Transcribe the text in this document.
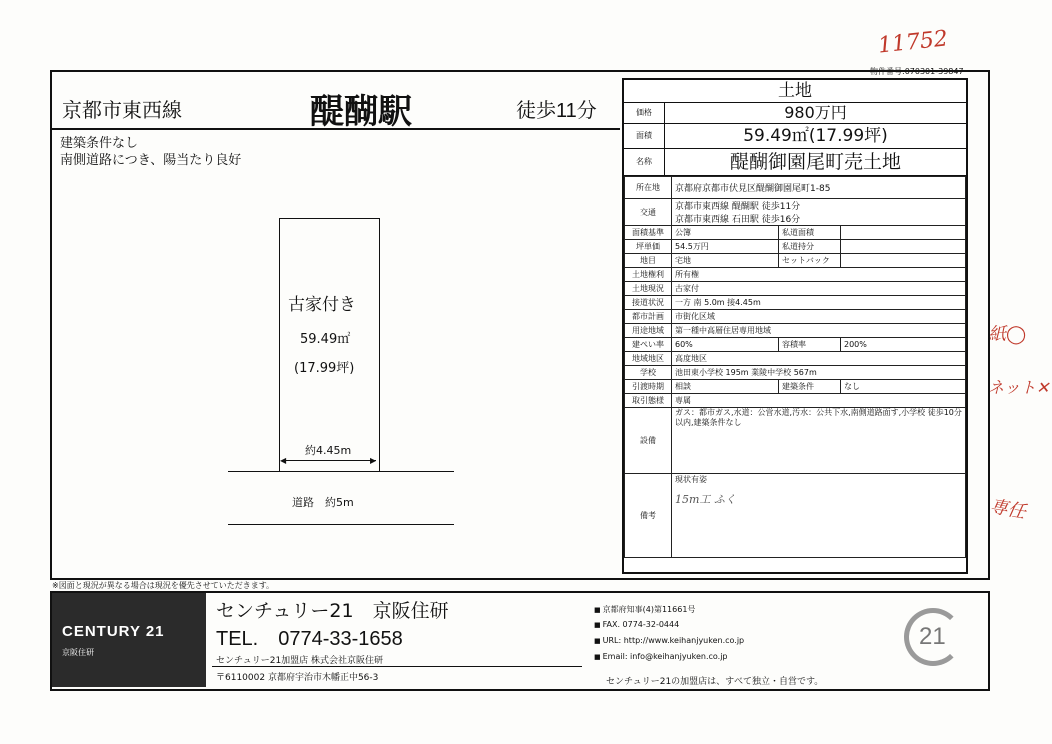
11752
紙◯
ネット✕
専任
物件番号:070301-39847
京都市東西線	醍醐駅	徒歩11分
建築条件なし
南側道路につき、陽当たり良好
古家付き
59.49㎡
(17.99坪)
◀	▶
約4.45m
道路　約5m
土地
価格	980万円
面積	59.49㎡(17.99坪)
名称	醍醐御園尾町売土地
所在地	京都府京都市伏見区醍醐御園尾町1-85		
交通	京都市東西線 醍醐駅 徒歩11分		
	京都市東西線 石田駅 徒歩16分		
面積基準	公簿	私道面積	
坪単価	54.5万円	私道持分	
地目	宅地	セットバック	
土地権利	所有権		
土地現況	古家付		
接道状況	一方 南 5.0m 接4.45m		
都市計画	市街化区域		
用途地域	第一種中高層住居専用地域		
建ぺい率	60%	容積率	200%
地域地区	高度地区		
学校	池田東小学校 195m 業陵中学校 567m		
引渡時期	相談	建築条件	なし
取引態様	専属		
設備	ガス：都市ガス,水道：公営水道,汚水：公共下水,南側道路面す,小学校 徒歩10分以内,建築条件なし		
備考	現状有姿
15m工 ふく		
※図面と現況が異なる場合は現況を優先させていただきます。
CENTURY 21
京阪住研
センチュリー21　京阪住研
TEL.　0774-33-1658
センチュリー21加盟店 株式会社京阪住研
〒6110002 京都府宇治市木幡正中56-3
■ 京都府知事(4)第11661号
■ FAX. 0774-32-0444
■ URL: http://www.keihanjyuken.co.jp
■ Email: info@keihanjyuken.co.jp
センチュリー21の加盟店は、すべて独立・自営です。
21
